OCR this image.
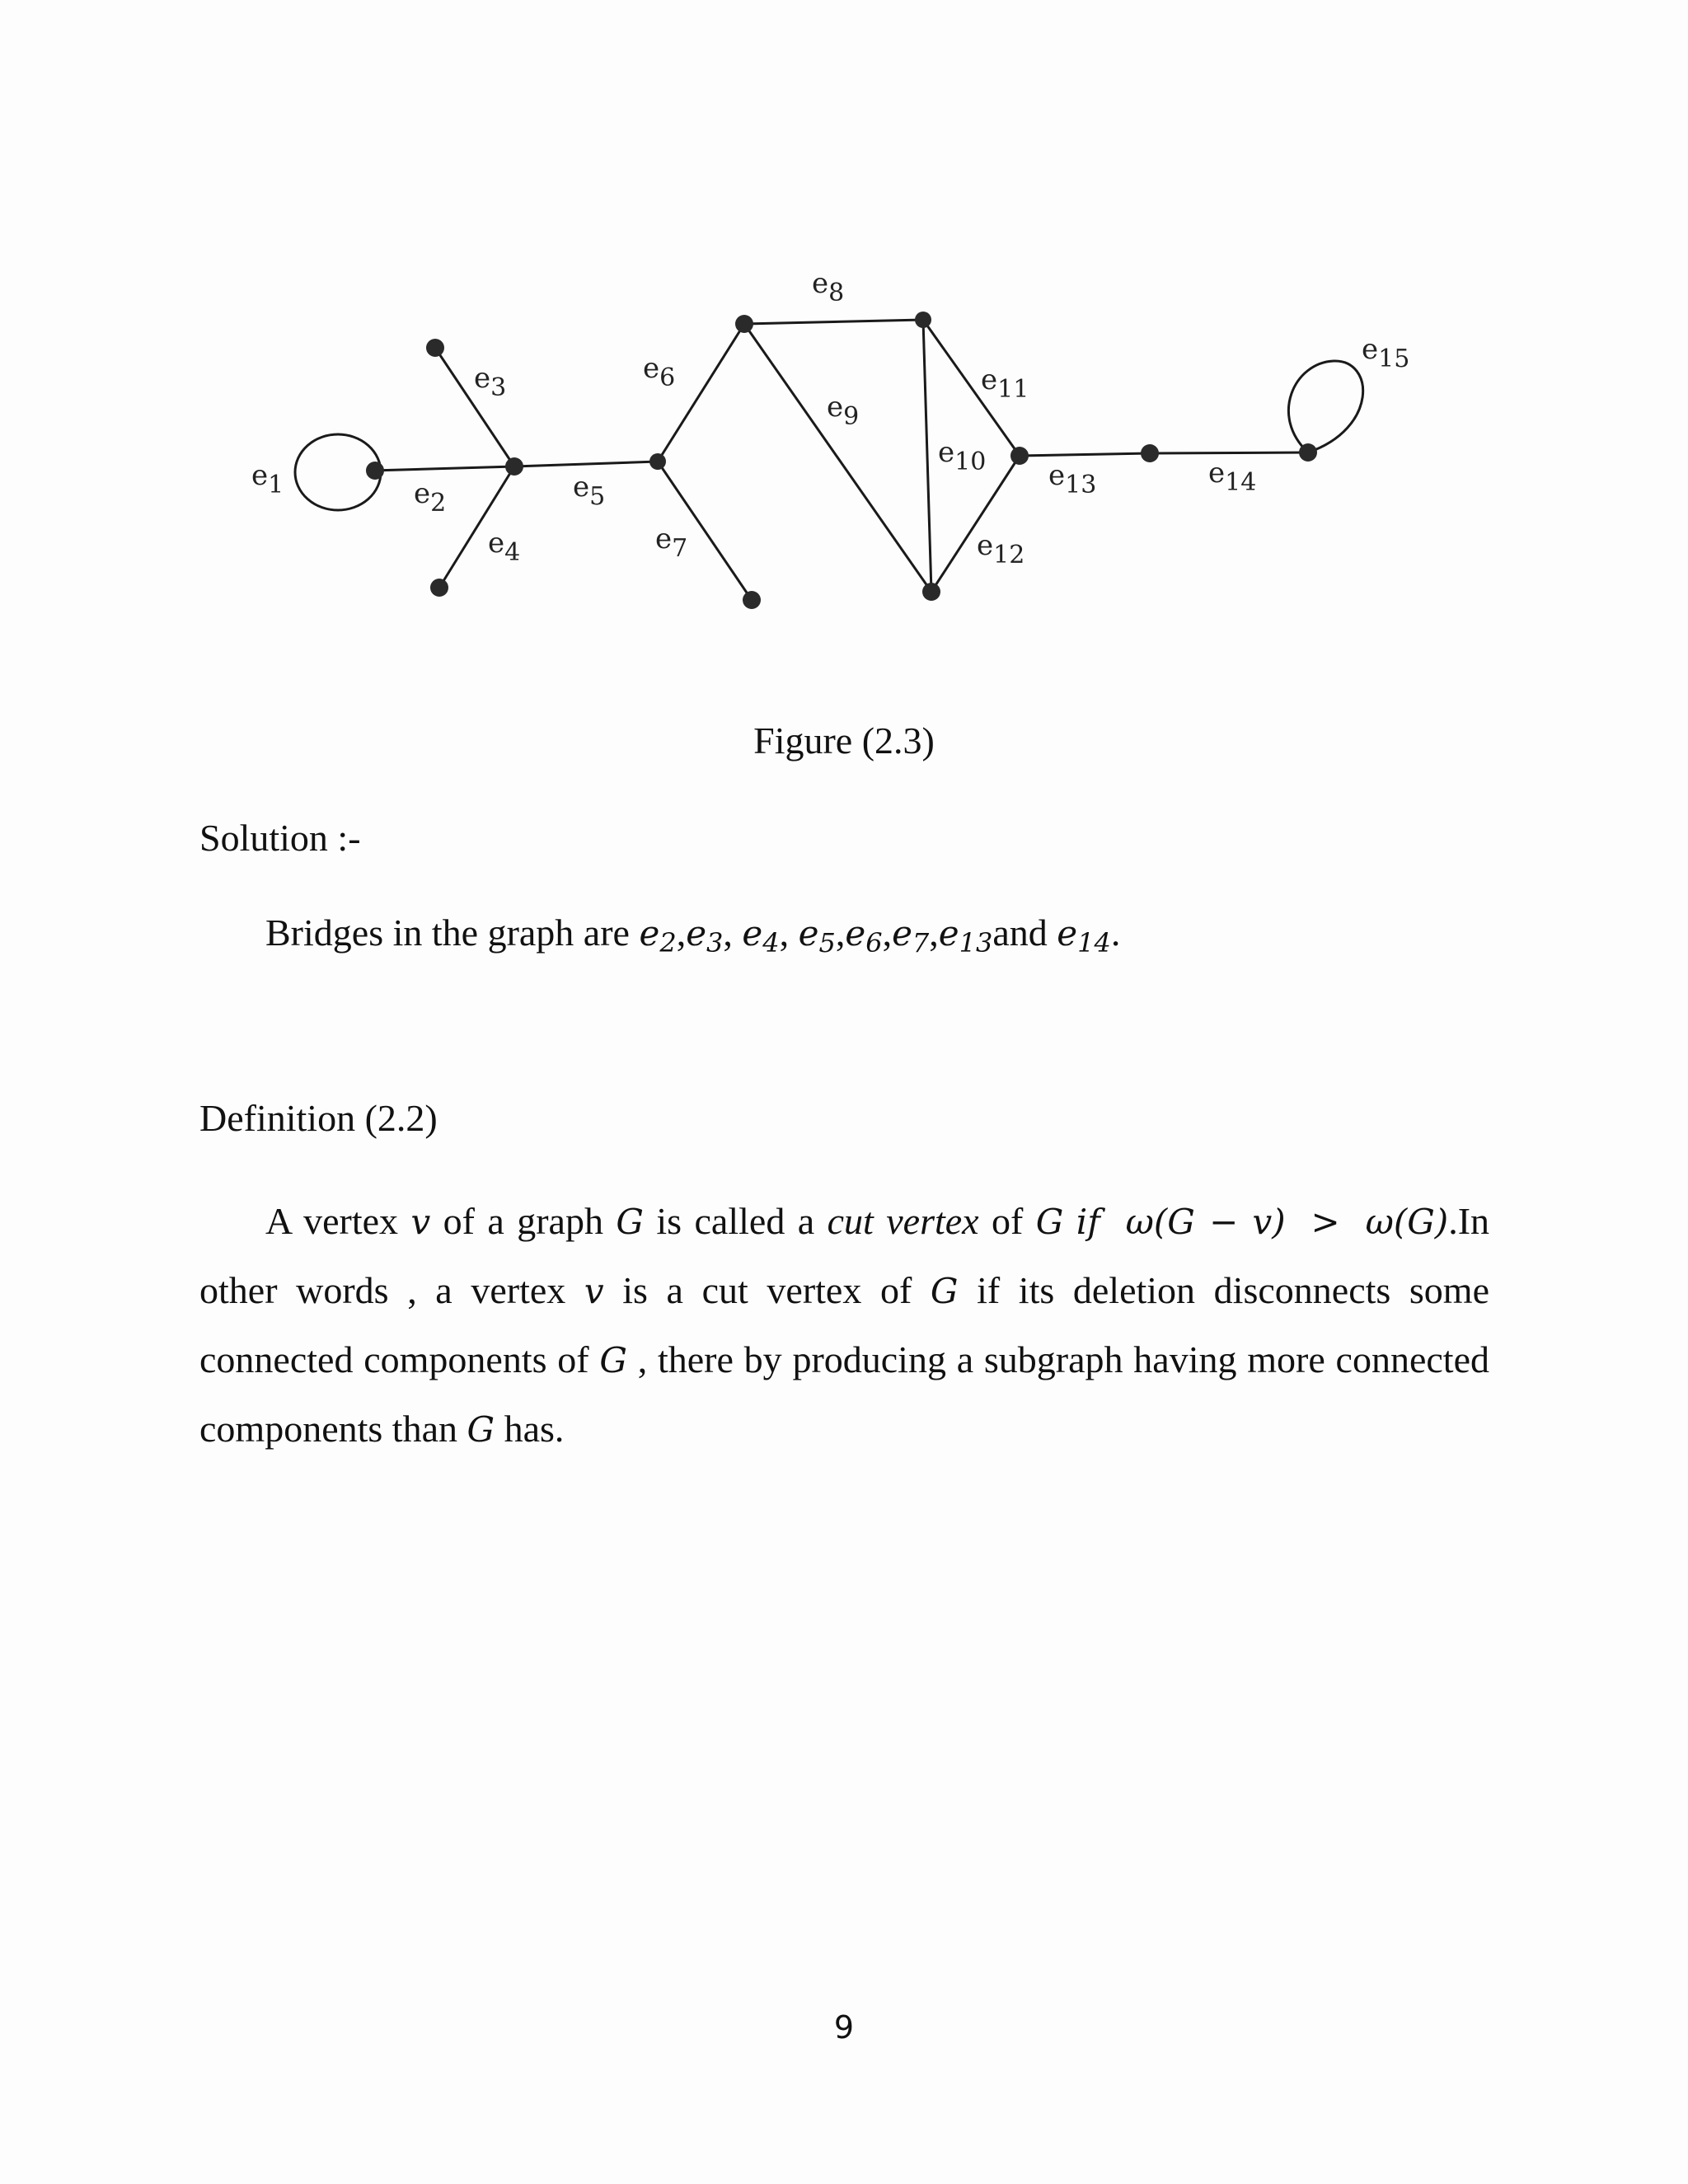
e1	e2
e3
e4
e5
e6
e7
e8
e9
e10
e11
e12
e13	e14
e15
Figure (2.3)
Solution :-
Bridges in the graph are $e_2,e_3$, $e_4$, $e_5,e_6,e_7,e_{13}and$ $e_{14}$.
Definition (2.2)
A vertex v of a graph G is called a cut vertex of G if ω(G − v) > ω(G).In other words , a vertex v is a cut vertex of G if its deletion disconnects some connected components of G , there by producing a subgraph having more connected components than G has.
9
